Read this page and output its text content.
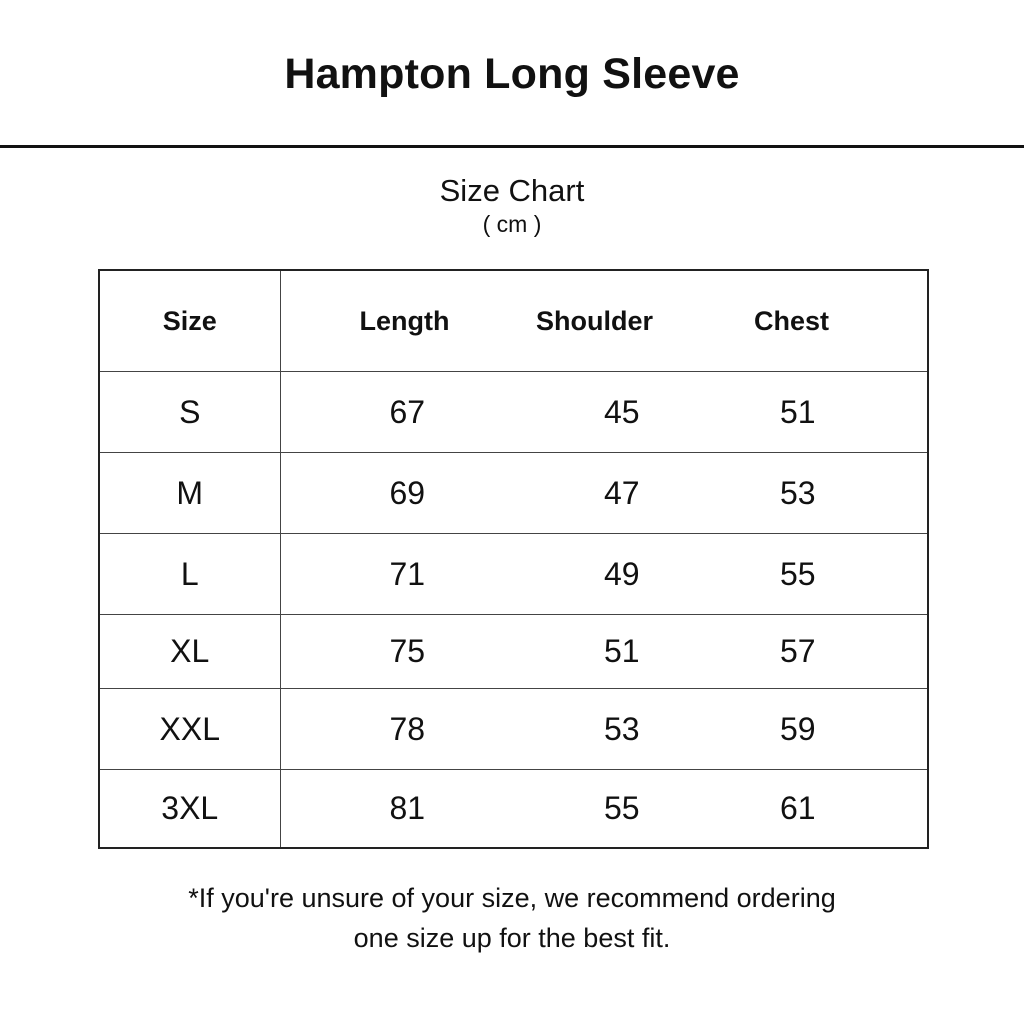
Hampton Long Sleeve
Size Chart
( cm )
Size	Length	Shoulder	Chest
S	67	45	51
M	69	47	53
L	71	49	55
XL	75	51	57
XXL	78	53	59
3XL	81	55	61
*If you're unsure of your size, we recommend ordering
one size up for the best fit.
